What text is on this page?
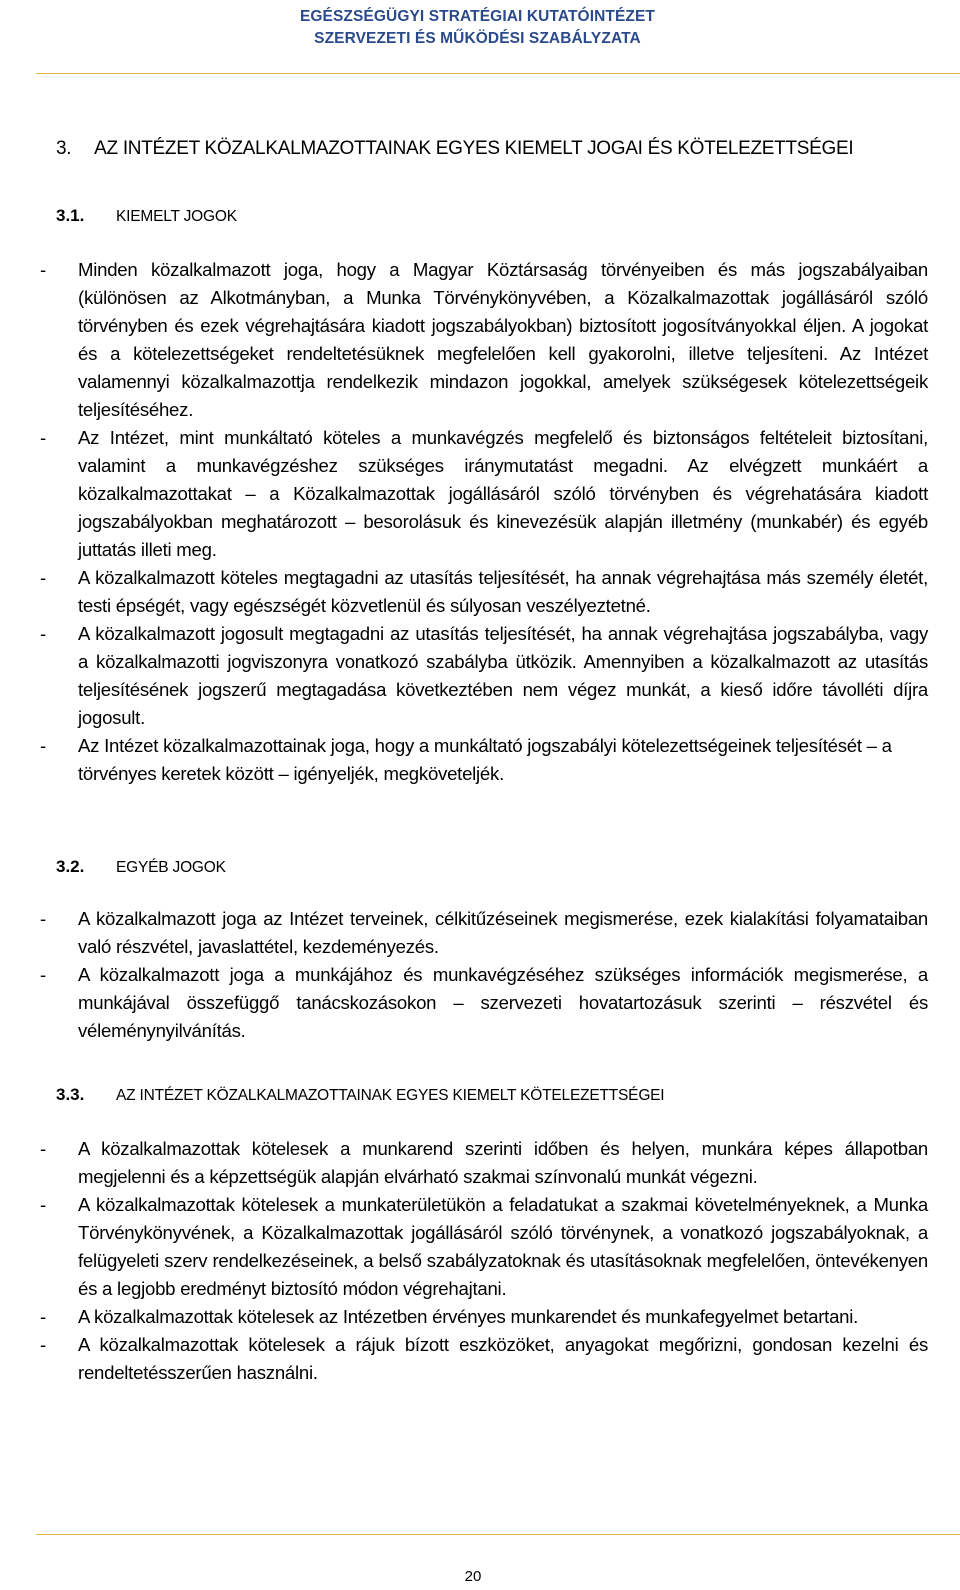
EGÉSZSÉGÜGYI STRATÉGIAI KUTATÓINTÉZET
SZERVEZETI ÉS MŰKÖDÉSI SZABÁLYZATA
3. AZ INTÉZET KÖZALKALMAZOTTAINAK EGYES KIEMELT JOGAI ÉS KÖTELEZETTSÉGEI
3.1. KIEMELT JOGOK
- Minden közalkalmazott joga, hogy a Magyar Köztársaság törvényeiben és más jogszabályaiban (különösen az Alkotmányban, a Munka Törvénykönyvében, a Közalkalmazottak jogállásáról szóló törvényben és ezek végrehajtására kiadott jogszabályokban) biztosított jogosítványokkal éljen. A jogokat és a kötelezettségeket rendeltetésüknek megfelelően kell gyakorolni, illetve teljesíteni. Az Intézet valamennyi közalkalmazottja rendelkezik mindazon jogokkal, amelyek szükségesek kötelezettségeik teljesítéséhez.
- Az Intézet, mint munkáltató köteles a munkavégzés megfelelő és biztonságos feltételeit biztosítani, valamint a munkavégzéshez szükséges iránymutatást megadni. Az elvégzett munkáért a közalkalmazottakat – a Közalkalmazottak jogállásáról szóló törvényben és végrehatására kiadott jogszabályokban meghatározott – besorolásuk és kinevezésük alapján illetmény (munkabér) és egyéb juttatás illeti meg.
- A közalkalmazott köteles megtagadni az utasítás teljesítését, ha annak végrehajtása más személy életét, testi épségét, vagy egészségét közvetlenül és súlyosan veszélyeztetné.
- A közalkalmazott jogosult megtagadni az utasítás teljesítését, ha annak végrehajtása jogszabályba, vagy a közalkalmazotti jogviszonyra vonatkozó szabályba ütközik. Amennyiben a közalkalmazott az utasítás teljesítésének jogszerű megtagadása következtében nem végez munkát, a kieső időre távolléti díjra jogosult.
- Az Intézet közalkalmazottainak joga, hogy a munkáltató jogszabályi kötelezettségeinek teljesítését – a törvényes keretek között – igényeljék, megköveteljék.
3.2. EGYÉB JOGOK
- A közalkalmazott joga az Intézet terveinek, célkitűzéseinek megismerése, ezek kialakítási folyamataiban való részvétel, javaslattétel, kezdeményezés.
- A közalkalmazott joga a munkájához és munkavégzéséhez szükséges információk megismerése, a munkájával összefüggő tanácskozásokon – szervezeti hovatartozásuk szerinti – részvétel és véleménynyilvánítás.
3.3. AZ INTÉZET KÖZALKALMAZOTTAINAK EGYES KIEMELT KÖTELEZETTSÉGEI
- A közalkalmazottak kötelesek a munkarend szerinti időben és helyen, munkára képes állapotban megjelenni és a képzettségük alapján elvárható szakmai színvonalú munkát végezni.
- A közalkalmazottak kötelesek a munkaterületükön a feladatukat a szakmai követelményeknek, a Munka Törvénykönyvének, a Közalkalmazottak jogállásáról szóló törvénynek, a vonatkozó jogszabályoknak, a felügyeleti szerv rendelkezéseinek, a belső szabályzatoknak és utasításoknak megfelelően, öntevékenyen és a legjobb eredményt biztosító módon végrehajtani.
- A közalkalmazottak kötelesek az Intézetben érvényes munkarendet és munkafegyelmet betartani.
- A közalkalmazottak kötelesek a rájuk bízott eszközöket, anyagokat megőrizni, gondosan kezelni és rendeltetésszerűen használni.
20
